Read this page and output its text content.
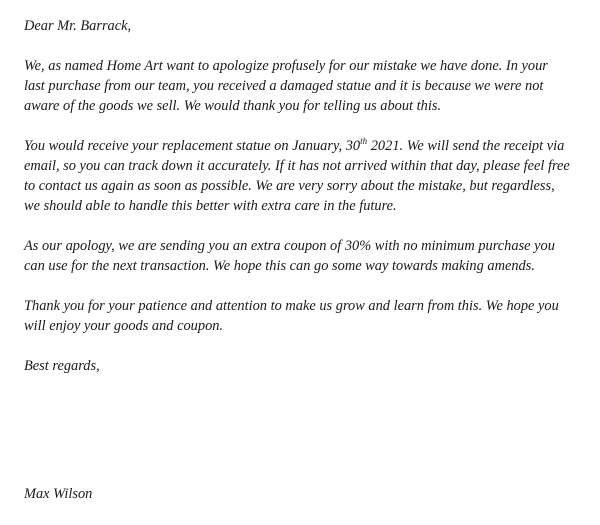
Dear Mr. Barrack,

We, as named Home Art want to apologize profusely for our mistake we have done. In your last purchase from our team, you received a damaged statue and it is because we were not aware of the goods we sell. We would thank you for telling us about this.

You would receive your replacement statue on January, 30th 2021. We will send the receipt via email, so you can track down it accurately. If it has not arrived within that day, please feel free to contact us again as soon as possible. We are very sorry about the mistake, but regardless, we should able to handle this better with extra care in the future.

As our apology, we are sending you an extra coupon of 30% with no minimum purchase you can use for the next transaction. We hope this can go some way towards making amends.

Thank you for your patience and attention to make us grow and learn from this. We hope you will enjoy your goods and coupon.

Best regards,

Max Wilson
